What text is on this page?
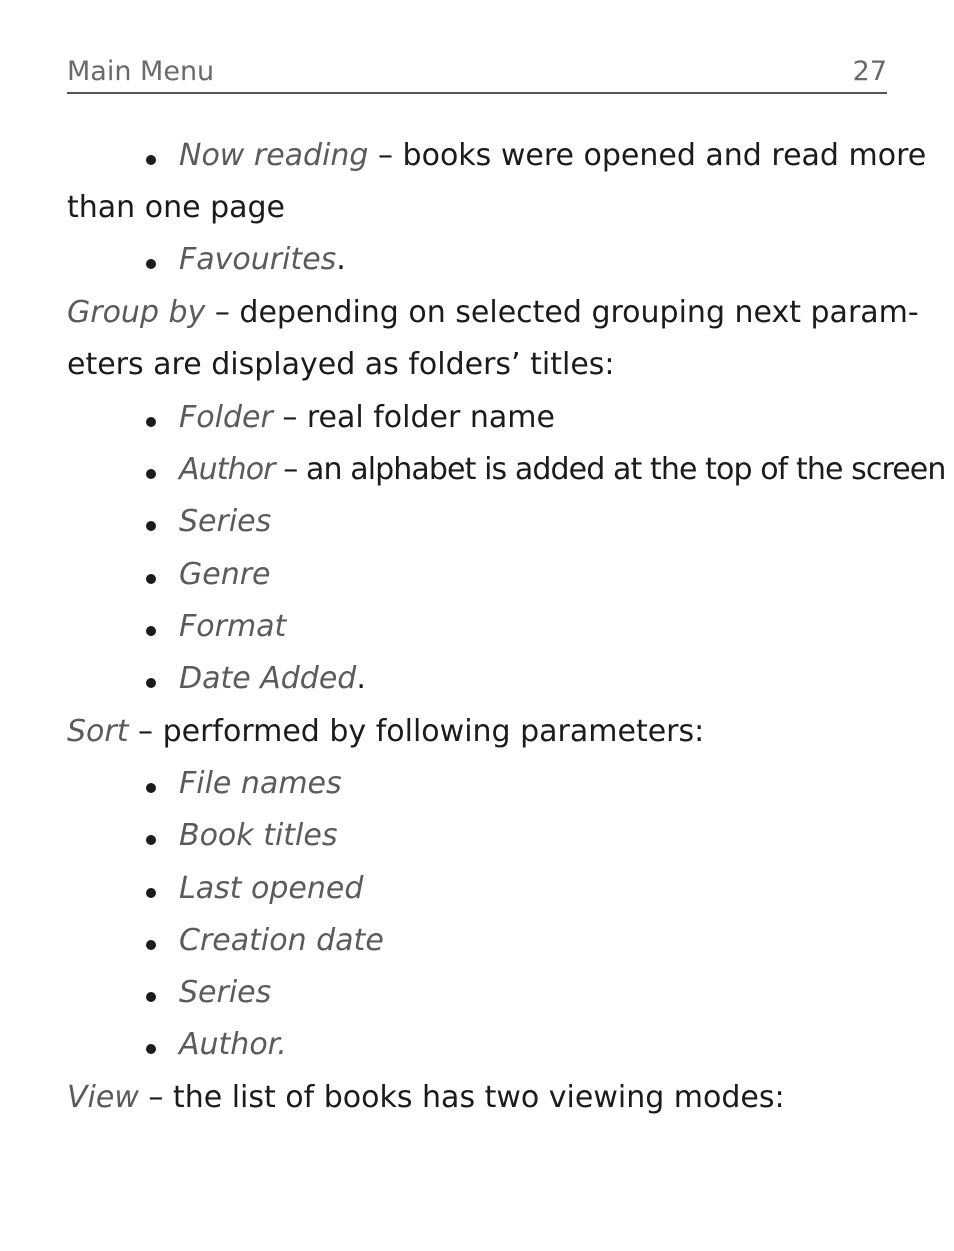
Main Menu	27
Now reading – books were opened and read more
than one page
Favourites.
Group by – depending on selected grouping next param-
eters are displayed as folders’ titles:
Folder – real folder name
Author – an alphabet is added at the top of the screen
Series
Genre
Format
Date Added.
Sort – performed by following parameters:
File names
Book titles
Last opened
Creation date
Series
Author.
View – the list of books has two viewing modes:
